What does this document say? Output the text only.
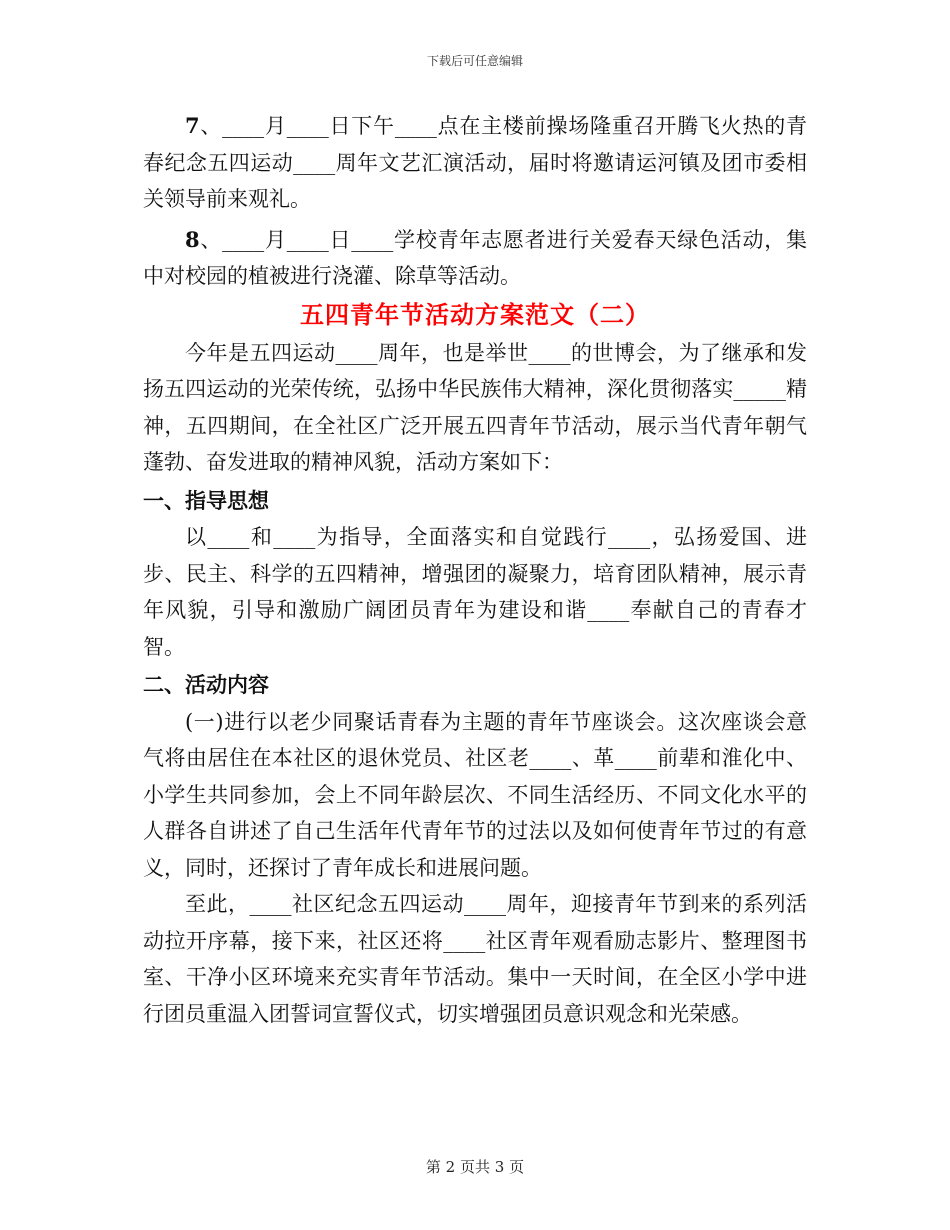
下载后可任意编辑

7、____月____日下午____点在主楼前操场隆重召开腾飞火热的青春纪念五四运动____周年文艺汇演活动，届时将邀请运河镇及团市委相关领导前来观礼。

8、____月____日____学校青年志愿者进行关爱春天绿色活动，集中对校园的植被进行浇灌、除草等活动。

五四青年节活动方案范文（二）

今年是五四运动____周年，也是举世____的世博会，为了继承和发扬五四运动的光荣传统，弘扬中华民族伟大精神，深化贯彻落实_____精神，五四期间，在全社区广泛开展五四青年节活动，展示当代青年朝气蓬勃、奋发进取的精神风貌，活动方案如下：

一、指导思想

以____和____为指导，全面落实和自觉践行____，弘扬爱国、进步、民主、科学的五四精神，增强团的凝聚力，培育团队精神，展示青年风貌，引导和激励广阔团员青年为建设和谐____奉献自己的青春才智。

二、活动内容

(一)进行以老少同聚话青春为主题的青年节座谈会。这次座谈会意气将由居住在本社区的退休党员、社区老____、革____前辈和淮化中、小学生共同参加，会上不同年龄层次、不同生活经历、不同文化水平的人群各自讲述了自己生活年代青年节的过法以及如何使青年节过的有意义，同时，还探讨了青年成长和进展问题。

至此，____社区纪念五四运动____周年，迎接青年节到来的系列活动拉开序幕，接下来，社区还将____社区青年观看励志影片、整理图书室、干净小区环境来充实青年节活动。集中一天时间，在全区小学中进行团员重温入团誓词宣誓仪式，切实增强团员意识观念和光荣感。

第 2 页共 3 页
